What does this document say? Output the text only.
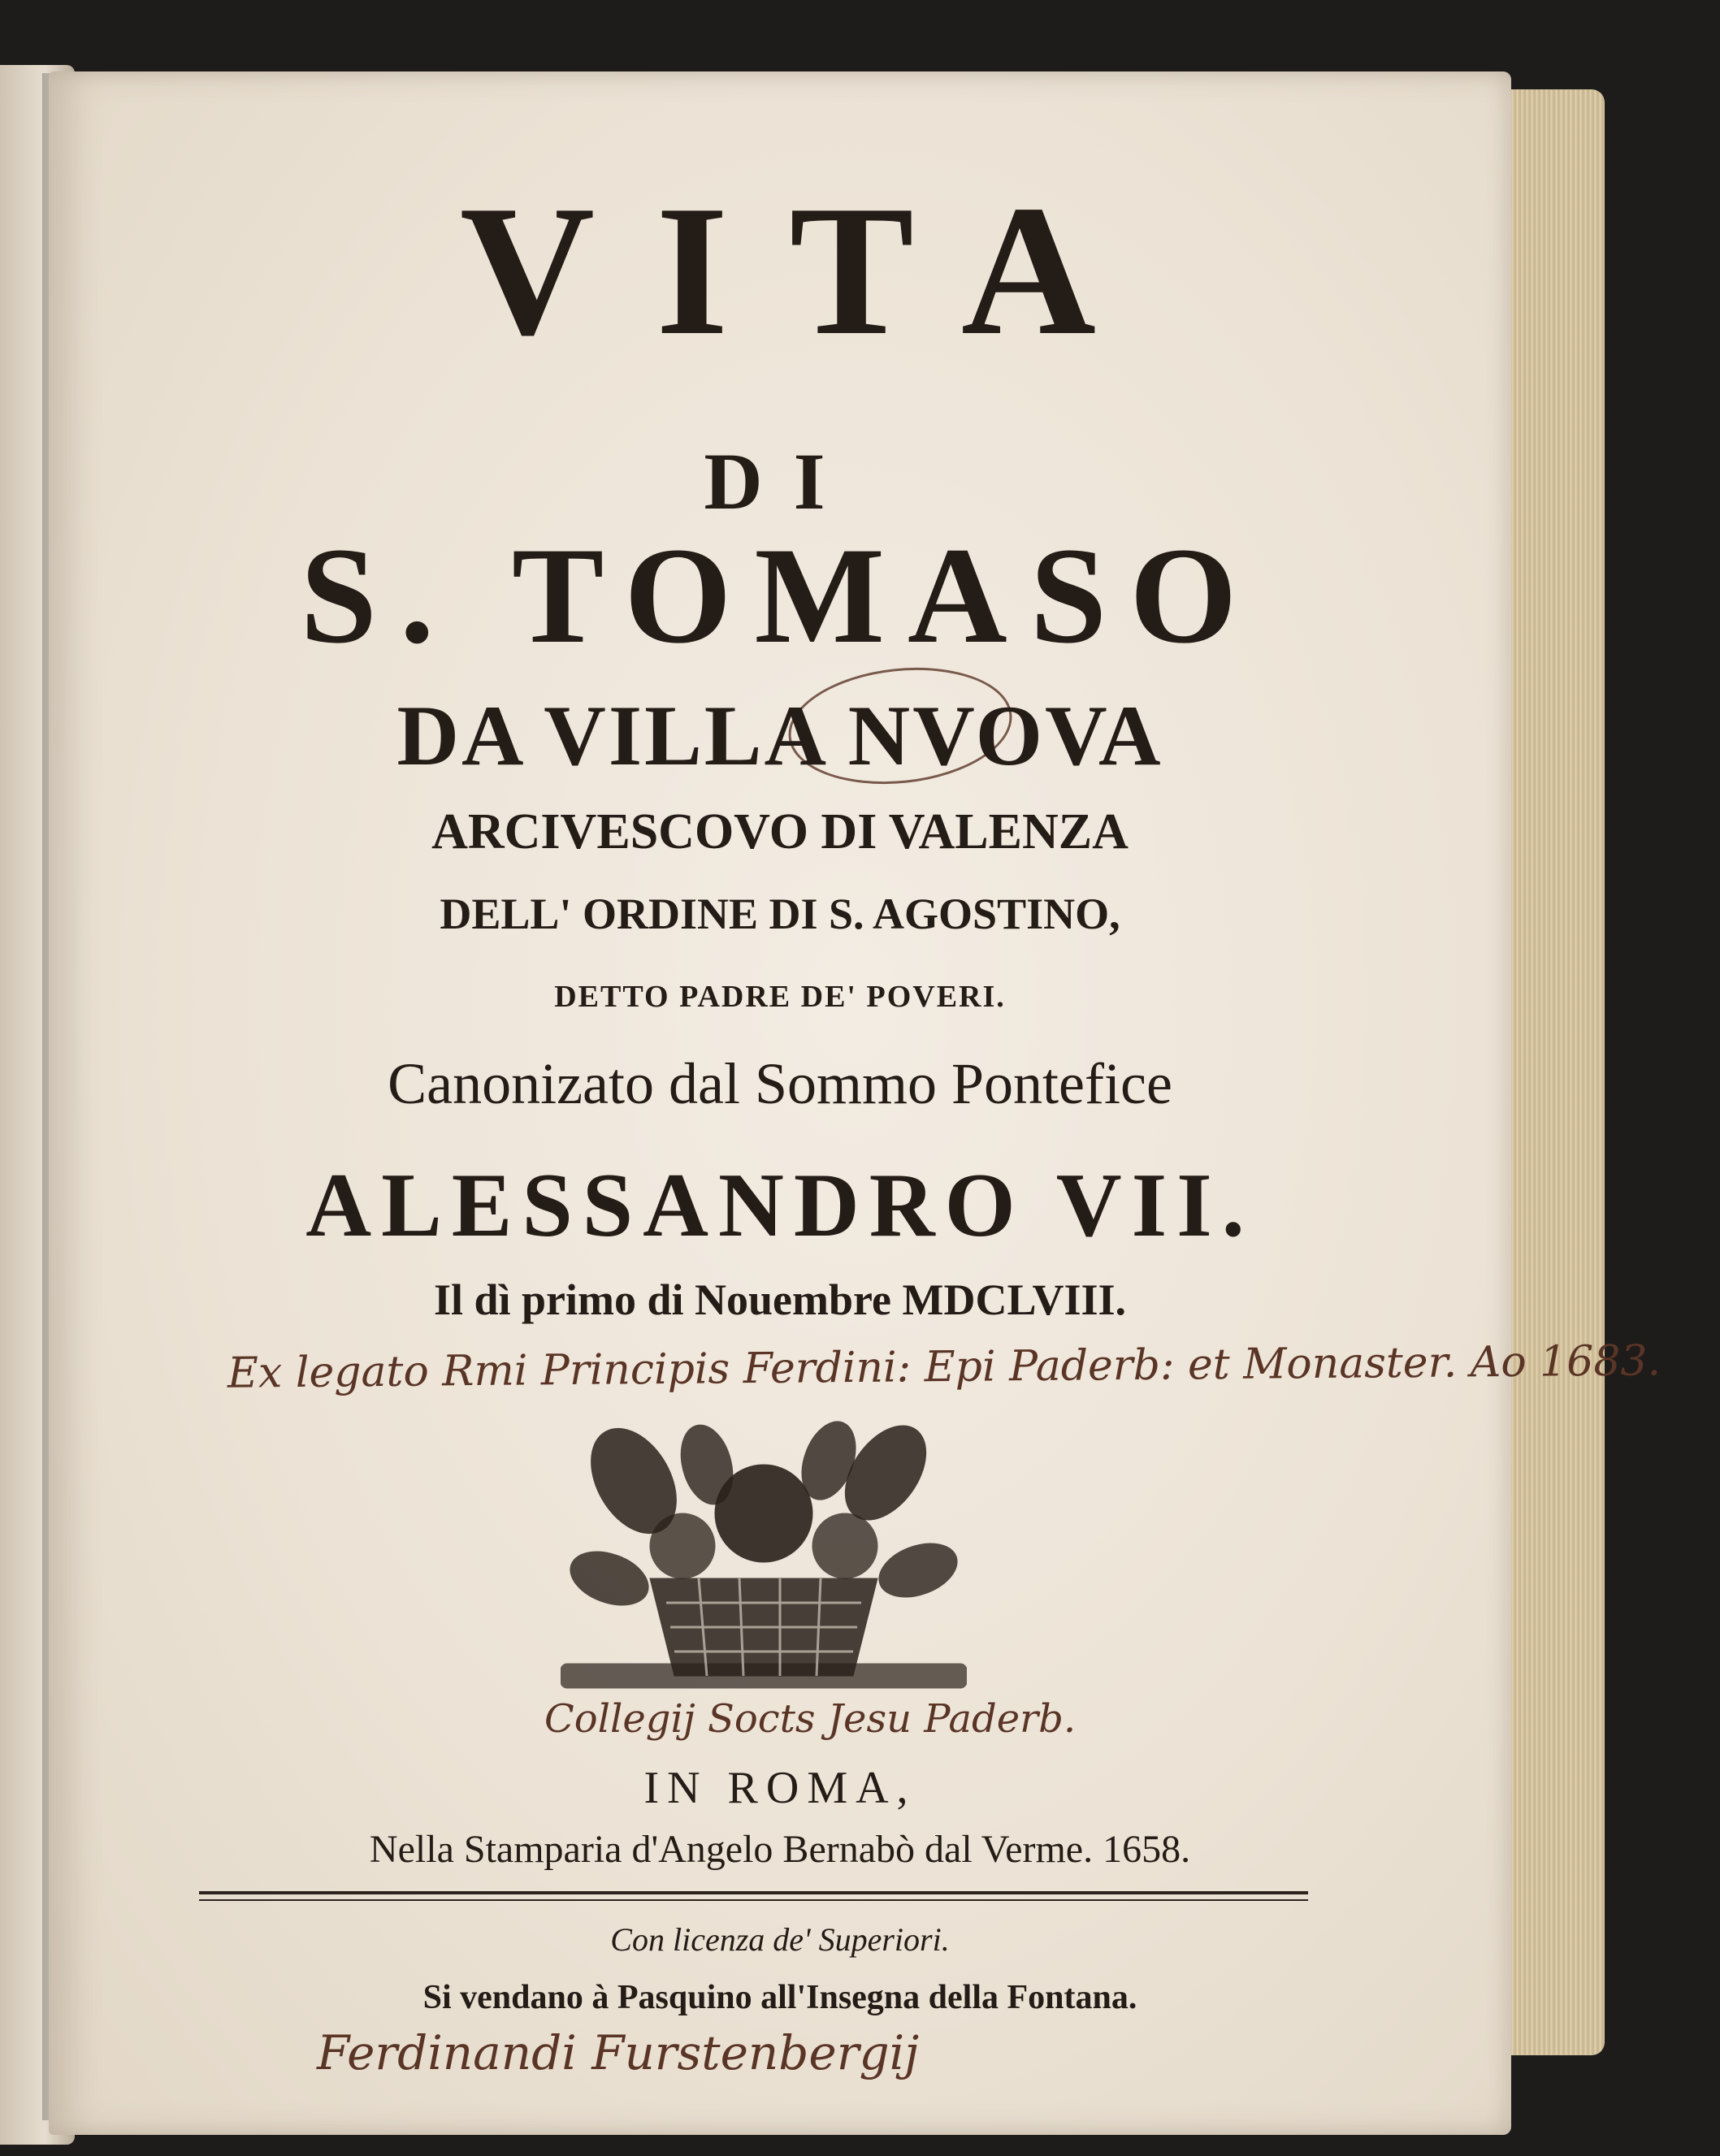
VITA
DI
S. TOMASO
DA VILLA NVOVA
ARCIVESCOVO DI VALENZA
DELL' ORDINE DI S. AGOSTINO,
DETTO PADRE DE' POVERI.
Canonizato dal Sommo Pontefice
ALESSANDRO VII.
Il dì primo di Nouembre MDCLVIII.
Ex legato Rmi Principis Ferdini: Epi Paderb: et Monaster. Ao 1683.
Collegij Socts Jesu Paderb.
IN ROMA,
Nella Stamparia d'Angelo Bernabò dal Verme. 1658.
Con licenza de' Superiori.
Si vendano à Pasquino all'Insegna della Fontana.
Ferdinandi Furstenbergij
